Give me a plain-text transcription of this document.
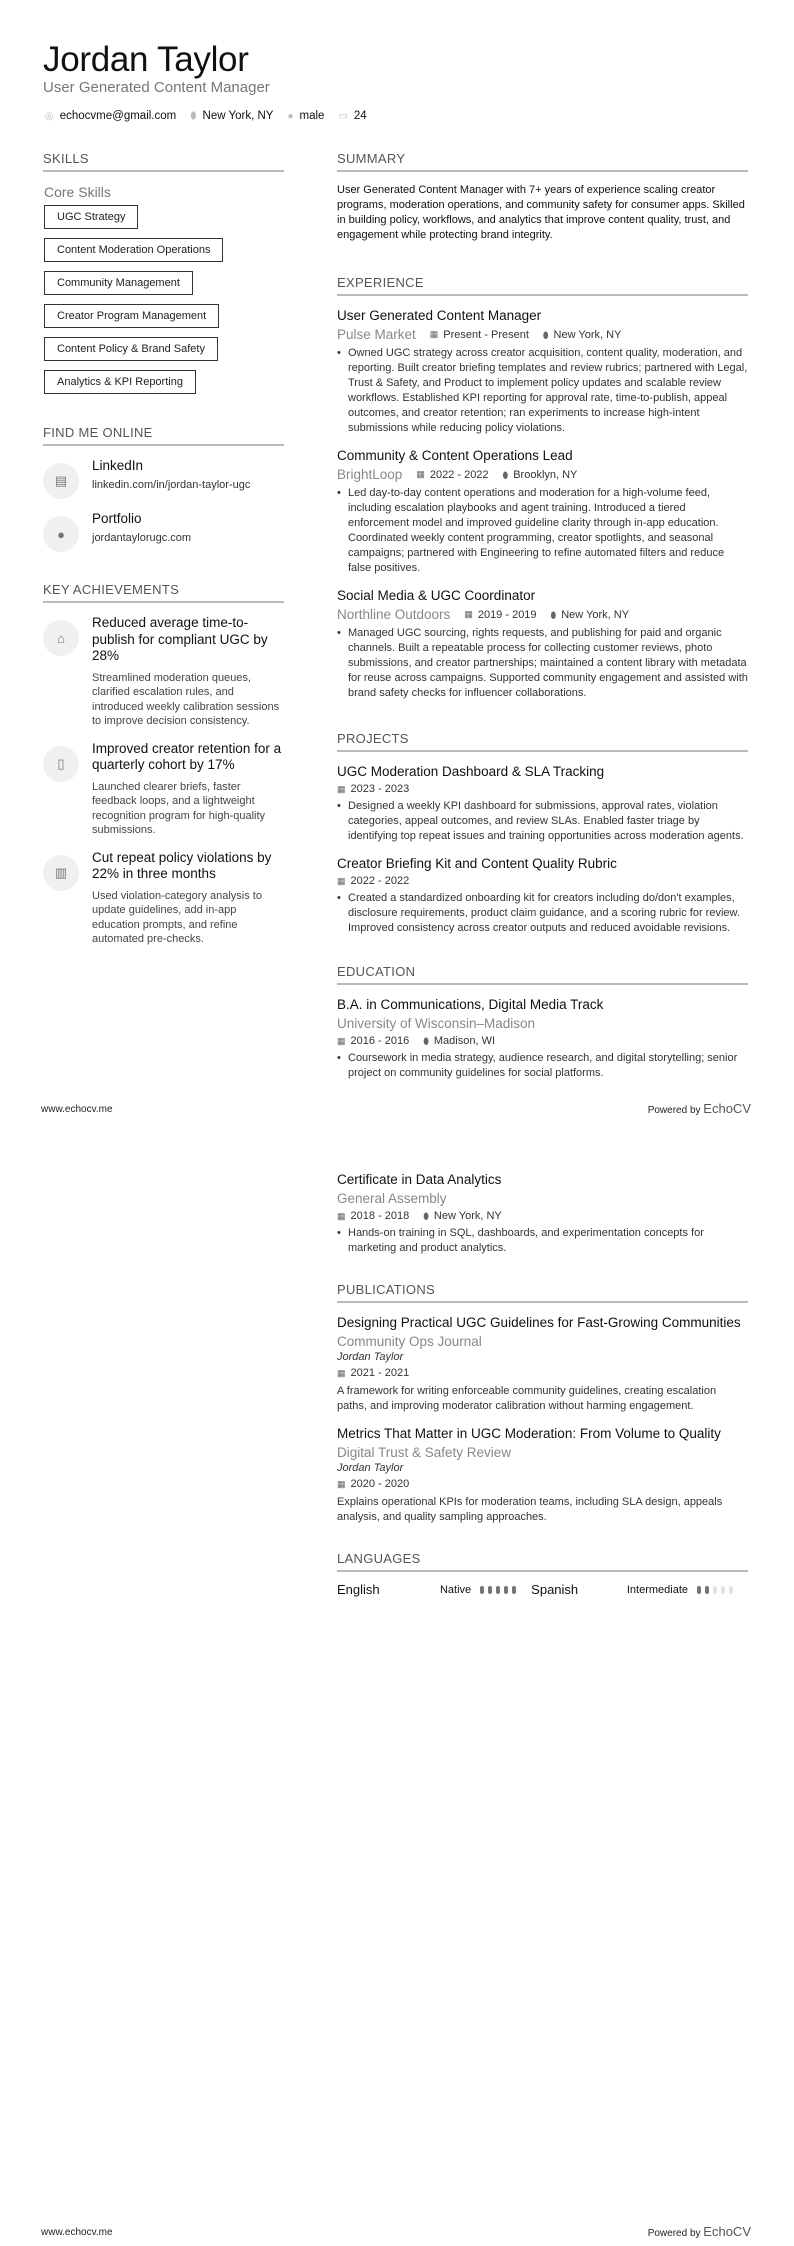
Jordan Taylor
User Generated Content Manager
◎ echocvme@gmail.com ⬮ New York, NY ● male ▭ 24
SKILLS
Core Skills
UGC Strategy
Content Moderation Operations
Community Management
Creator Program Management
Content Policy & Brand Safety
Analytics & KPI Reporting
FIND ME ONLINE
▤
LinkedIn
linkedin.com/in/jordan-taylor-ugc
●
Portfolio
jordantaylorugc.com
KEY ACHIEVEMENTS
⌂
Reduced average time-to-publish for compliant UGC by 28%
Streamlined moderation queues, clarified escalation rules, and introduced weekly calibration sessions to improve decision consistency.
▯
Improved creator retention for a quarterly cohort by 17%
Launched clearer briefs, faster feedback loops, and a lightweight recognition program for high-quality submissions.
▥
Cut repeat policy violations by 22% in three months
Used violation-category analysis to update guidelines, add in-app education prompts, and refine automated pre-checks.
SUMMARY
User Generated Content Manager with 7+ years of experience scaling creator programs, moderation operations, and community safety for consumer apps. Skilled in building policy, workflows, and analytics that improve content quality, trust, and engagement while protecting brand integrity.
EXPERIENCE
User Generated Content Manager
Pulse Market ▦ Present - Present ⬮ New York, NY
• Owned UGC strategy across creator acquisition, content quality, moderation, and reporting. Built creator briefing templates and review rubrics; partnered with Legal, Trust & Safety, and Product to implement policy updates and scalable review workflows. Established KPI reporting for approval rate, time-to-publish, appeal outcomes, and creator retention; ran experiments to increase high-intent submissions while reducing policy violations.
Community & Content Operations Lead
BrightLoop ▦ 2022 - 2022 ⬮ Brooklyn, NY
• Led day-to-day content operations and moderation for a high-volume feed, including escalation playbooks and agent training. Introduced a tiered enforcement model and improved guideline clarity through in-app education. Coordinated weekly content programming, creator spotlights, and seasonal campaigns; partnered with Engineering to refine automated filters and reduce false positives.
Social Media & UGC Coordinator
Northline Outdoors ▦ 2019 - 2019 ⬮ New York, NY
• Managed UGC sourcing, rights requests, and publishing for paid and organic channels. Built a repeatable process for collecting customer reviews, photo submissions, and creator partnerships; maintained a content library with metadata for reuse across campaigns. Supported community engagement and assisted with brand safety checks for influencer collaborations.
PROJECTS
UGC Moderation Dashboard & SLA Tracking
▦ 2023 - 2023
• Designed a weekly KPI dashboard for submissions, approval rates, violation categories, appeal outcomes, and review SLAs. Enabled faster triage by identifying top repeat issues and training opportunities across moderation agents.
Creator Briefing Kit and Content Quality Rubric
▦ 2022 - 2022
• Created a standardized onboarding kit for creators including do/don't examples, disclosure requirements, product claim guidance, and a scoring rubric for review. Improved consistency across creator outputs and reduced avoidable revisions.
EDUCATION
B.A. in Communications, Digital Media Track
University of Wisconsin–Madison
▦ 2016 - 2016 ⬮ Madison, WI
• Coursework in media strategy, audience research, and digital storytelling; senior project on community guidelines for social platforms.
www.echocv.me	Powered by EchoCV
Certificate in Data Analytics
General Assembly
▦ 2018 - 2018 ⬮ New York, NY
• Hands-on training in SQL, dashboards, and experimentation concepts for marketing and product analytics.
PUBLICATIONS
Designing Practical UGC Guidelines for Fast-Growing Communities
Community Ops Journal
Jordan Taylor
▦ 2021 - 2021
A framework for writing enforceable community guidelines, creating escalation paths, and improving moderator calibration without harming engagement.
Metrics That Matter in UGC Moderation: From Volume to Quality
Digital Trust & Safety Review
Jordan Taylor
▦ 2020 - 2020
Explains operational KPIs for moderation teams, including SLA design, appeals analysis, and quality sampling approaches.
LANGUAGES
English	Native	Spanish	Intermediate
www.echocv.me	Powered by EchoCV
